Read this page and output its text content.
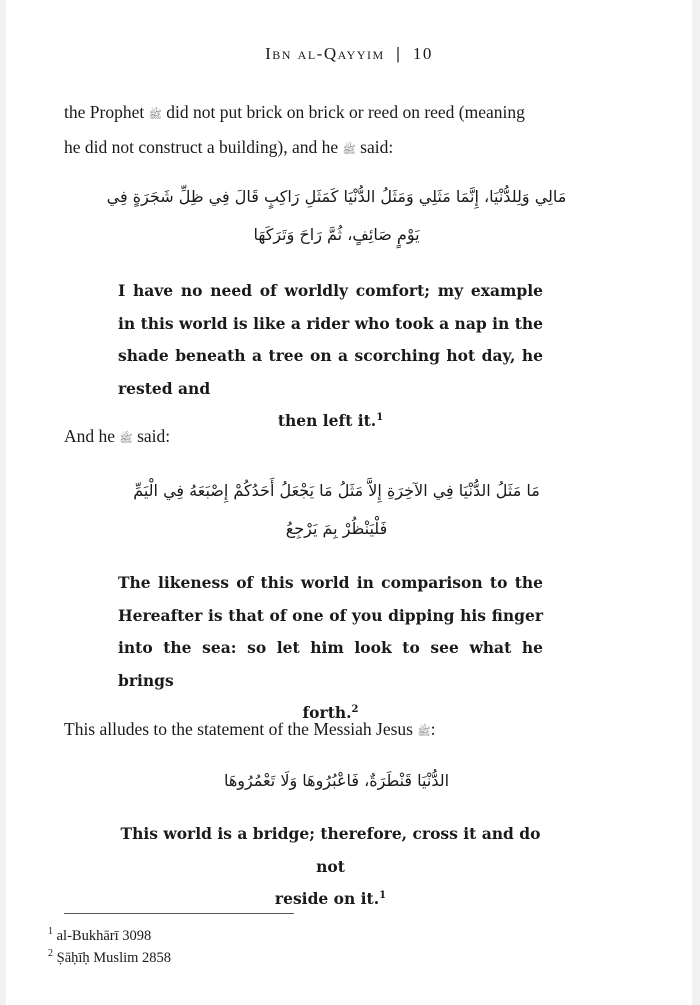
Ibn al-Qayyim | 10
the Prophet ﷺ did not put brick on brick or reed on reed (meaning
he did not construct a building), and he ﷺ said:
مَالِي وَلِلدُّنْيَا، إِنَّمَا مَثَلِي وَمَثَلُ الدُّنْيَا كَمَثَلِ رَاكِبٍ قَالَ فِي ظِلِّ شَجَرَةٍ فِي
يَوْمٍ صَائِفٍ، ثُمَّ رَاحَ وَتَرَكَهَا
I have no need of worldly comfort; my example in this world is like a rider who took a nap in the shade beneath a tree on a scorching hot day, he rested and
then left it.$^1$
And he ﷺ said:
مَا مَثَلُ الدُّنْيَا فِي الآخِرَةِ إِلاَّ مَثَلُ مَا يَجْعَلُ أَحَدُكُمْ إِصْبَعَهُ فِي الْيَمِّ
فَلْيَنْظُرْ بِمَ يَرْجِعُ
The likeness of this world in comparison to the Hereafter is that of one of you dipping his finger into the sea: so let him look to see what he brings
forth.$^2$
This alludes to the statement of the Messiah Jesus ﷺ:
الدُّنْيَا قَنْطَرَةٌ، فَاعْبُرُوهَا وَلَا تَعْمُرُوهَا
This world is a bridge; therefore, cross it and do not
reside on it.$^1$
$^1$ al-Bukhārī 3098
$^2$ Ṣāḥīḥ Muslim 2858
